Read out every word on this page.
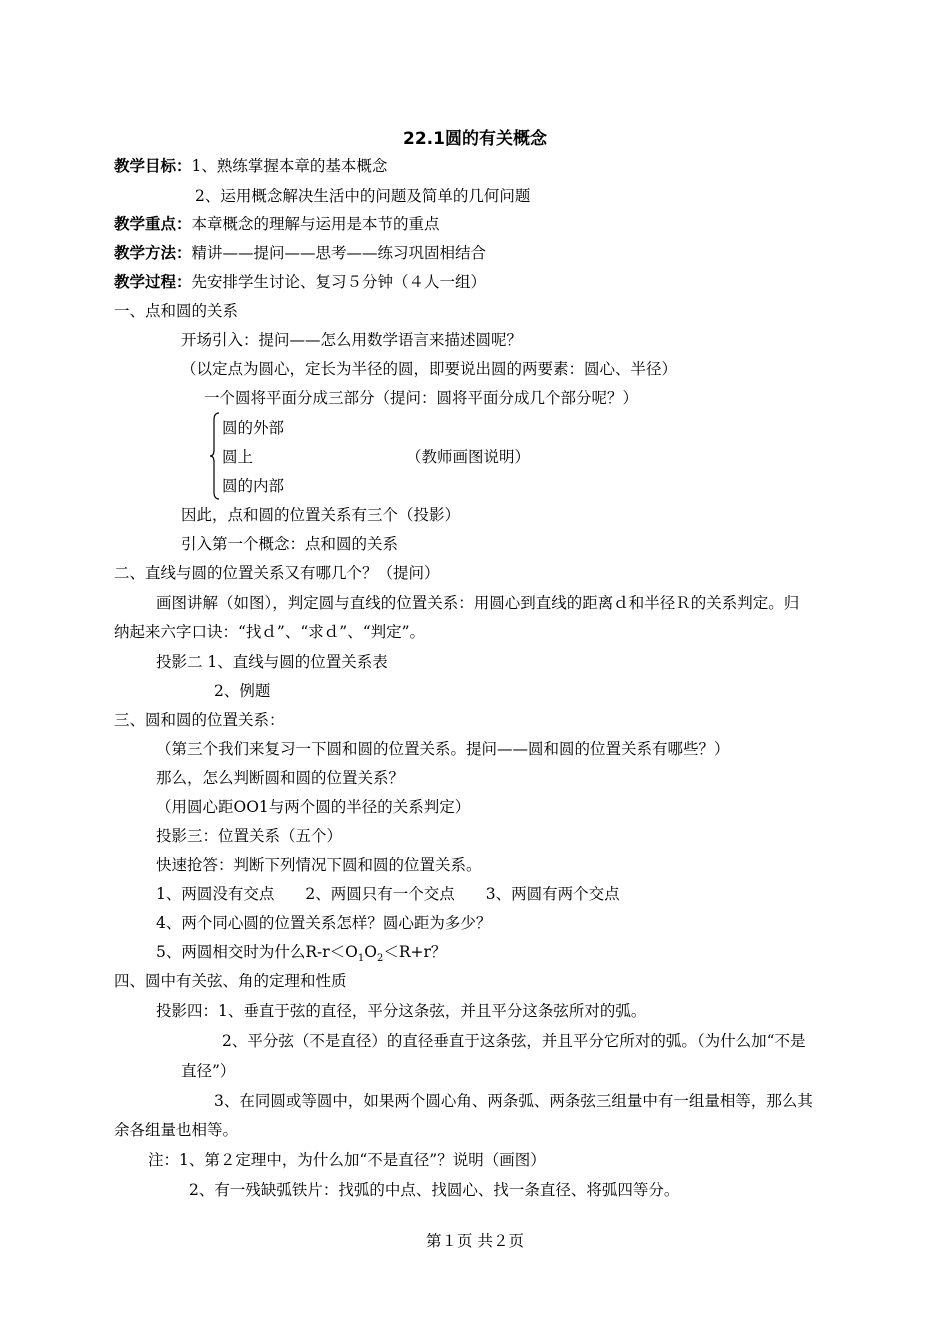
22.1圆的有关概念
教学目标：1、熟练掌握本章的基本概念
2、运用概念解决生活中的问题及简单的几何问题
教学重点：本章概念的理解与运用是本节的重点
教学方法：精讲——提问——思考——练习巩固相结合
教学过程：先安排学生讨论、复习５分钟（４人一组）
一、点和圆的关系
开场引入：提问——怎么用数学语言来描述圆呢？
（以定点为圆心，定长为半径的圆，即要说出圆的两要素：圆心、半径）
一个圆将平面分成三部分（提问：圆将平面分成几个部分呢？）
圆的外部
圆上	（教师画图说明）
圆的内部
因此，点和圆的位置关系有三个（投影）
引入第一个概念：点和圆的关系
二、直线与圆的位置关系又有哪几个？（提问）
画图讲解（如图），判定圆与直线的位置关系：用圆心到直线的距离ｄ和半径Ｒ的关系判定。归
纳起来六字口诀：“找ｄ”、“求ｄ”、“判定”。
投影二 1、直线与圆的位置关系表
2、例题
三、圆和圆的位置关系：
（第三个我们来复习一下圆和圆的位置关系。提问——圆和圆的位置关系有哪些？）
那么，怎么判断圆和圆的位置关系？
（用圆心距OO1与两个圆的半径的关系判定）
投影三：位置关系（五个）
快速抢答：判断下列情况下圆和圆的位置关系。
1、两圆没有交点　　2、两圆只有一个交点　　3、两圆有两个交点
4、两个同心圆的位置关系怎样？圆心距为多少？
5、两圆相交时为什么$R-r<O_1O_2<R+r$？
四、圆中有关弦、角的定理和性质
投影四：1、垂直于弦的直径，平分这条弦，并且平分这条弦所对的弧。
2、平分弦（不是直径）的直径垂直于这条弦，并且平分它所对的弧。（为什么加“不是
直径”）
3、在同圆或等圆中，如果两个圆心角、两条弧、两条弦三组量中有一组量相等，那么其
余各组量也相等。
注：1、第２定理中，为什么加“不是直径”？说明（画图）
2、有一残缺弧铁片：找弧的中点、找圆心、找一条直径、将弧四等分。
第１页 共２页
